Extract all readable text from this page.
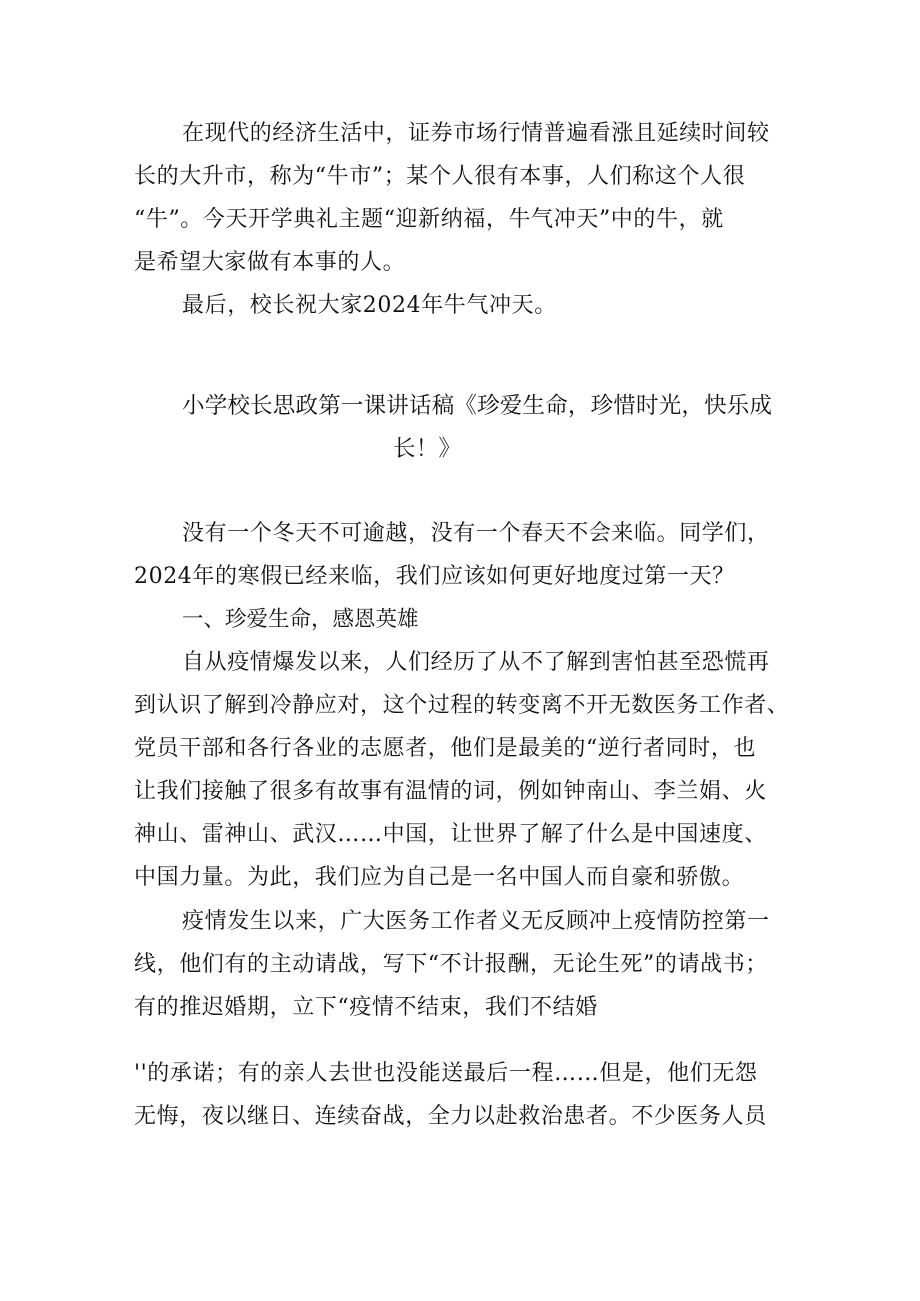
在现代的经济生活中，证券市场行情普遍看涨且延续时间较
长的大升市，称为“牛市”；某个人很有本事，人们称这个人很
“牛”。今天开学典礼主题“迎新纳福，牛气冲天”中的牛，就
是希望大家做有本事的人。
最后，校长祝大家2024年牛气冲天。
小学校长思政第一课讲话稿《珍爱生命，珍惜时光，快乐成
长！》
没有一个冬天不可逾越，没有一个春天不会来临。同学们，
2024年的寒假已经来临，我们应该如何更好地度过第一天？
一、珍爱生命，感恩英雄
自从疫情爆发以来，人们经历了从不了解到害怕甚至恐慌再
到认识了解到冷静应对，这个过程的转变离不开无数医务工作者、
党员干部和各行各业的志愿者，他们是最美的“逆行者同时，也
让我们接触了很多有故事有温情的词，例如钟南山、李兰娟、火
神山、雷神山、武汉……中国，让世界了解了什么是中国速度、
中国力量。为此，我们应为自己是一名中国人而自豪和骄傲。
疫情发生以来，广大医务工作者义无反顾冲上疫情防控第一
线，他们有的主动请战，写下“不计报酬，无论生死”的请战书；
有的推迟婚期，立下“疫情不结束，我们不结婚
''的承诺；有的亲人去世也没能送最后一程……但是，他们无怨
无悔，夜以继日、连续奋战，全力以赴救治患者。不少医务人员
